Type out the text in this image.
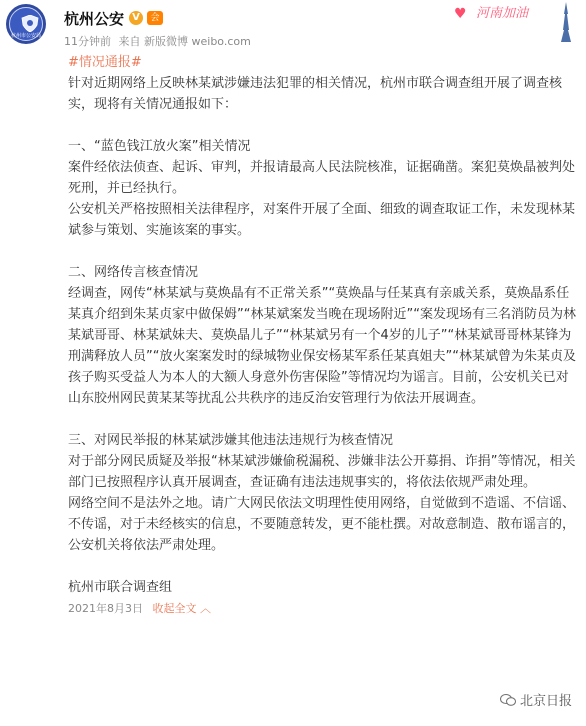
杭州市公安局
杭州公安 V	会
11分钟前 来自 新版微博 weibo.com
♥ 河南加油

#情况通报#

针对近期网络上反映林某斌涉嫌违法犯罪的相关情况，杭州市联合调查组开展了调查核实，现将有关情况通报如下：

一、“蓝色钱江放火案”相关情况

案件经依法侦查、起诉、审判，并报请最高人民法院核准，证据确凿。案犯莫焕晶被判处死刑，并已经执行。

公安机关严格按照相关法律程序，对案件开展了全面、细致的调查取证工作，未发现林某斌参与策划、实施该案的事实。

二、网络传言核查情况

经调查，网传“林某斌与莫焕晶有不正常关系”“莫焕晶与任某真有亲戚关系，莫焕晶系任某真介绍到朱某贞家中做保姆”“林某斌案发当晚在现场附近”“案发现场有三名消防员为林某斌哥哥、林某斌妹夫、莫焕晶儿子”“林某斌另有一个4岁的儿子”“林某斌哥哥林某锋为刑满释放人员”“放火案案发时的绿城物业保安杨某军系任某真姐夫”“林某斌曾为朱某贞及孩子购买受益人为本人的大额人身意外伤害保险”等情况均为谣言。目前，公安机关已对山东胶州网民黄某某等扰乱公共秩序的违反治安管理行为依法开展调查。

三、对网民举报的林某斌涉嫌其他违法违规行为核查情况

对于部分网民质疑及举报“林某斌涉嫌偷税漏税、涉嫌非法公开募捐、诈捐”等情况，相关部门已按照程序认真开展调查，查证确有违法违规事实的，将依法依规严肃处理。

网络空间不是法外之地。请广大网民依法文明理性使用网络，自觉做到不造谣、不信谣、不传谣，对于未经核实的信息，不要随意转发，更不能杜撰。对故意制造、散布谣言的，公安机关将依法严肃处理。

杭州市联合调查组

2021年8月3日 收起全文 ︿

北京日报
